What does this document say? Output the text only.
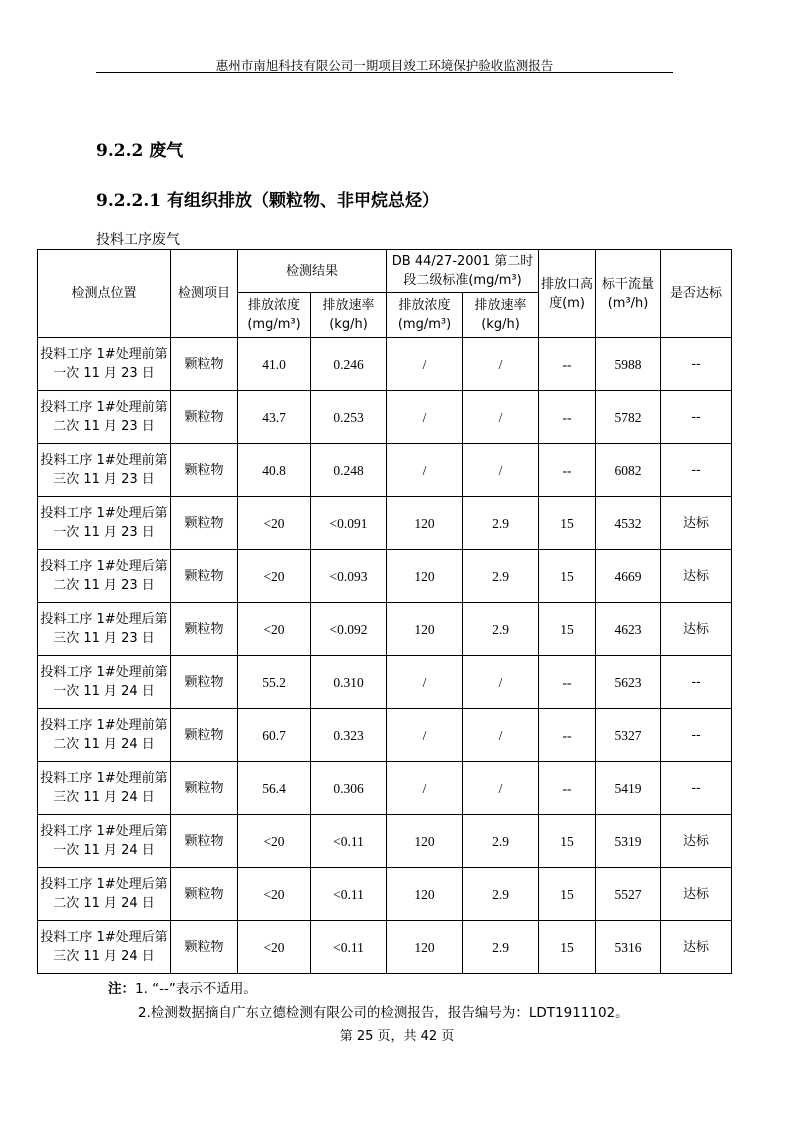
惠州市南旭科技有限公司一期项目竣工环境保护验收监测报告
9.2.2 废气
9.2.2.1 有组织排放（颗粒物、非甲烷总烃）
投料工序废气
检测点位置	检测项目	检测结果		DB 44/27-2001 第二时段二级标准(mg/m³)		排放口高度(m)	标干流量(m³/h)	是否达标
		排放浓度(mg/m³)	排放速率(kg/h)	排放浓度(mg/m³)	排放速率(kg/h)			
投料工序 1#处理前第一次 11 月 23 日	颗粒物	41.0	0.246	/	/	--	5988	--
投料工序 1#处理前第二次 11 月 23 日	颗粒物	43.7	0.253	/	/	--	5782	--
投料工序 1#处理前第三次 11 月 23 日	颗粒物	40.8	0.248	/	/	--	6082	--
投料工序 1#处理后第一次 11 月 23 日	颗粒物	<20	<0.091	120	2.9	15	4532	达标
投料工序 1#处理后第二次 11 月 23 日	颗粒物	<20	<0.093	120	2.9	15	4669	达标
投料工序 1#处理后第三次 11 月 23 日	颗粒物	<20	<0.092	120	2.9	15	4623	达标
投料工序 1#处理前第一次 11 月 24 日	颗粒物	55.2	0.310	/	/	--	5623	--
投料工序 1#处理前第二次 11 月 24 日	颗粒物	60.7	0.323	/	/	--	5327	--
投料工序 1#处理前第三次 11 月 24 日	颗粒物	56.4	0.306	/	/	--	5419	--
投料工序 1#处理后第一次 11 月 24 日	颗粒物	<20	<0.11	120	2.9	15	5319	达标
投料工序 1#处理后第二次 11 月 24 日	颗粒物	<20	<0.11	120	2.9	15	5527	达标
投料工序 1#处理后第三次 11 月 24 日	颗粒物	<20	<0.11	120	2.9	15	5316	达标
注：1. “--”表示不适用。
2.检测数据摘自广东立德检测有限公司的检测报告，报告编号为：LDT1911102。
第 25 页，共 42 页
